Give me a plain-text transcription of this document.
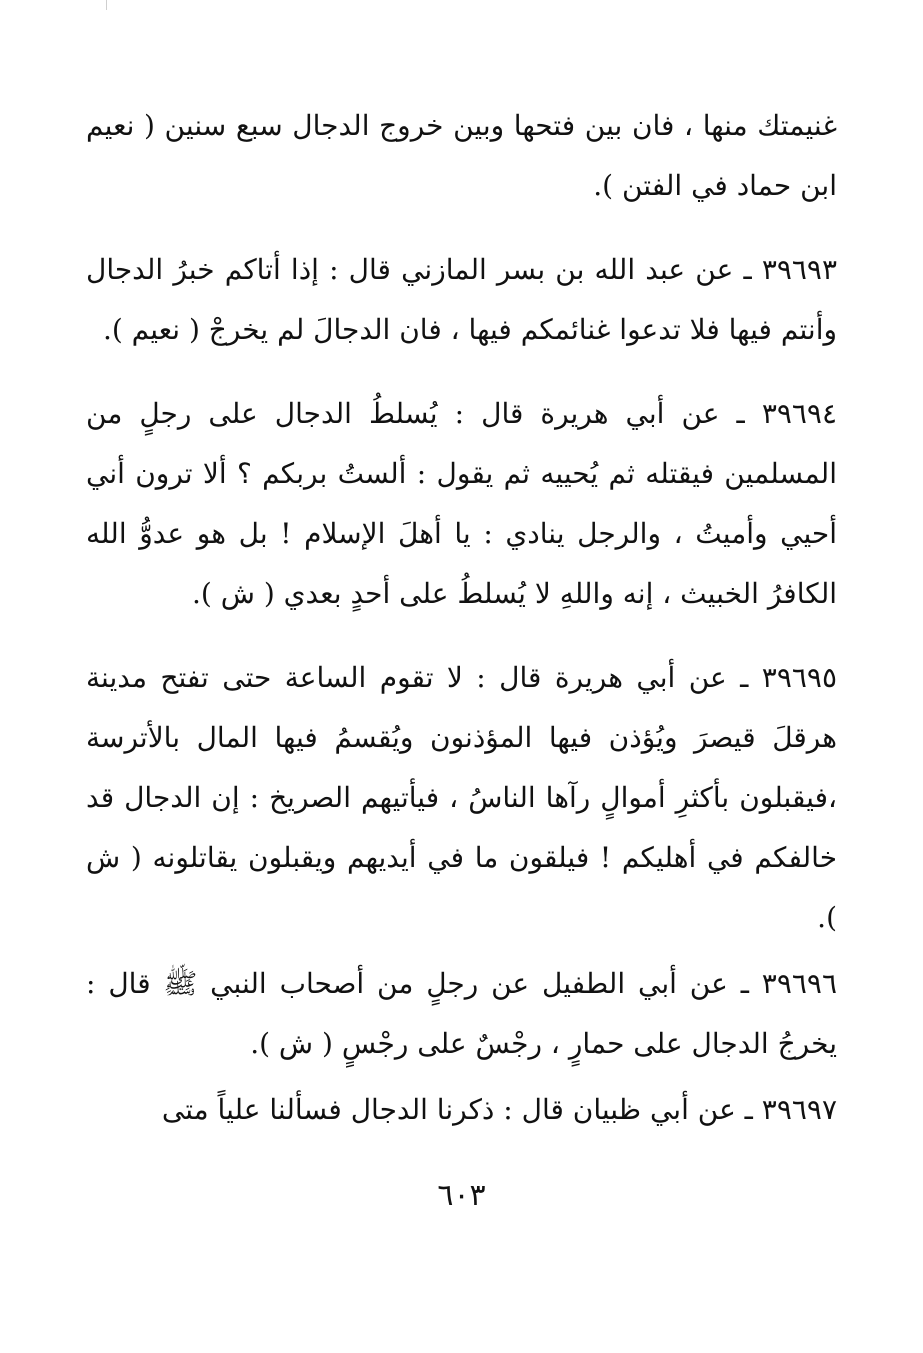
غنيمتك منها ، فان بين فتحها وبين خروج الدجال سبع سنين ( نعيم ابن حماد في الفتن ).

٣٩٦٩٣ ـ عن عبد الله بن بسر المازني قال : إذا أتاكم خبرُ الدجال وأنتم فيها فلا تدعوا غنائمكم فيها ، فان الدجالَ لم يخرجْ ( نعيم ).

٣٩٦٩٤ ـ عن أبي هريرة قال : يُسلطُ الدجال على رجلٍ من المسلمين فيقتله ثم يُحييه ثم يقول : ألستُ بربكم ؟ ألا ترون أني أحيي وأميتُ ، والرجل ينادي : يا أهلَ الإسلام ! بل هو عدوُّ الله الكافرُ الخبيث ، إنه واللهِ لا يُسلطُ على أحدٍ بعدي ( ش ).

٣٩٦٩٥ ـ عن أبي هريرة قال : لا تقوم الساعة حتى تفتح مدينة هرقلَ قيصرَ ويُؤذن فيها المؤذنون ويُقسمُ فيها المال بالأترسة ،فيقبلون بأكثرِ أموالٍ رآها الناسُ ، فيأتيهم الصريخ : إن الدجال قد خالفكم في أهليكم ! فيلقون ما في أيديهم ويقبلون يقاتلونه ( ش ).

٣٩٦٩٦ ـ عن أبي الطفيل عن رجلٍ من أصحاب النبي ﷺ قال : يخرجُ الدجال على حمارٍ ، رجْسٌ على رجْسٍ ( ش ).

٣٩٦٩٧ ـ عن أبي ظبيان قال : ذكرنا الدجال فسألنا علياً متى

٦٠٣
